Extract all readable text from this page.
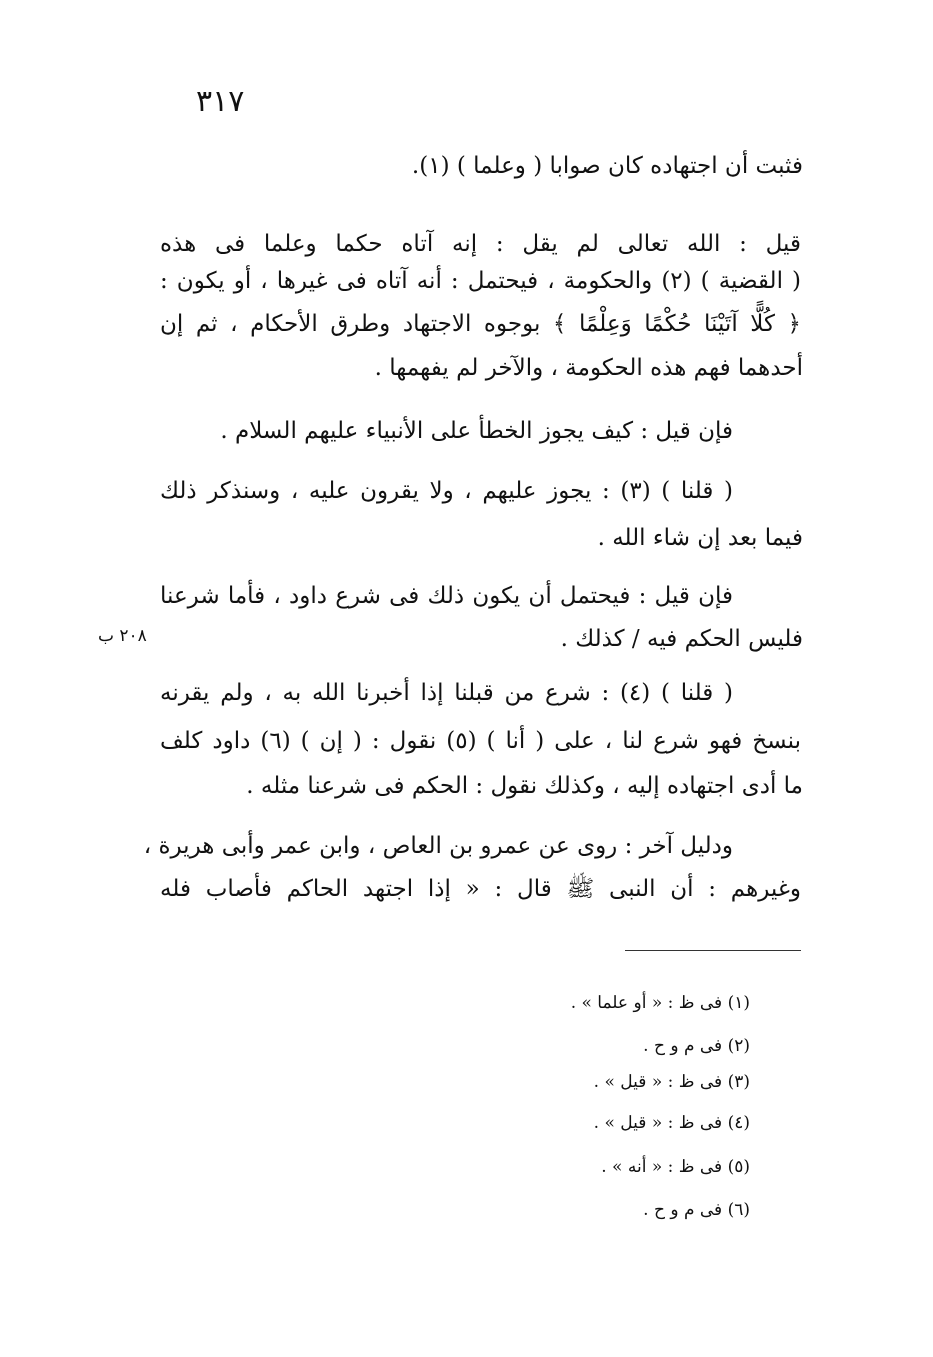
٣١٧
٢٠٨ ب
فثبت أن اجتهاده كان صوابا ( وعلما ) (١).
قيل : الله تعالى لم يقل : إنه آتاه حكما وعلما فى هذه
( القضية ) (٢) والحكومة ، فيحتمل : أنه آتاه فى غيرها ، أو يكون :
﴿ كُلًّا آتَيْنَا حُكْمًا وَعِلْمًا ﴾ بوجوه الاجتهاد وطرق الأحكام ، ثم إن
أحدهما فهم هذه الحكومة ، والآخر لم يفهمها .
فإن قيل : كيف يجوز الخطأ على الأنبياء عليهم السلام .
( قلنا ) (٣) : يجوز عليهم ، ولا يقرون عليه ، وسنذكر ذلك
فيما بعد إن شاء الله .
فإن قيل : فيحتمل أن يكون ذلك فى شرع داود ، فأما شرعنا
فليس الحكم فيه / كذلك .
( قلنا ) (٤) : شرع من قبلنا إذا أخبرنا الله به ، ولم يقرنه
بنسخ فهو شرع لنا ، على ( أنا ) (٥) نقول : ( إن ) (٦) داود كلف
ما أدى اجتهاده إليه ، وكذلك نقول : الحكم فى شرعنا مثله .
ودليل آخر : روى عن عمرو بن العاص ، وابن عمر وأبى هريرة ،
وغيرهم : أن النبى ﷺ قال : « إذا اجتهد الحاكم فأصاب فله
(١) فى ظ : « أو علما » .
(٢) فى م و ح .
(٣) فى ظ : « قيل » .
(٤) فى ظ : « قيل » .
(٥) فى ظ : « أنه » .
(٦) فى م و ح .
